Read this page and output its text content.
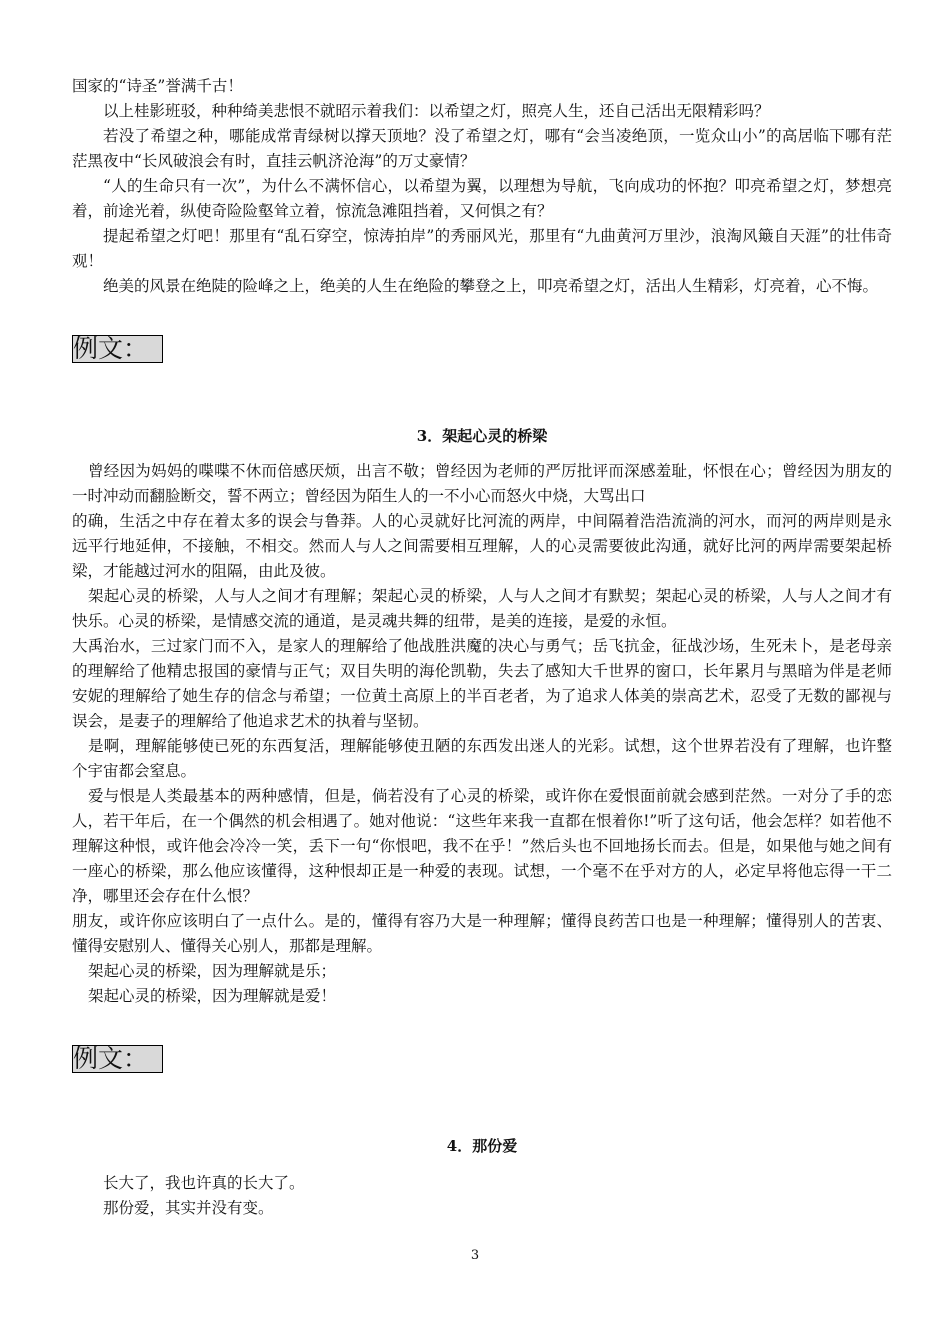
国家的“诗圣”誉满千古！

以上桂影班驳，种种绮美悲恨不就昭示着我们：以希望之灯，照亮人生，还自己活出无限精彩吗？

若没了希望之种，哪能成常青绿树以撑天顶地？没了希望之灯，哪有“会当凌绝顶，一览众山小”的高居临下哪有茫茫黑夜中“长风破浪会有时，直挂云帆济沧海”的万丈豪情？

“人的生命只有一次”，为什么不满怀信心，以希望为翼，以理想为导航，飞向成功的怀抱？叩亮希望之灯，梦想亮着，前途光着，纵使奇险险壑耸立着，惊流急滩阻挡着，又何惧之有？

提起希望之灯吧！那里有“乱石穿空，惊涛拍岸”的秀丽风光，那里有“九曲黄河万里沙，浪淘风簸自天涯”的壮伟奇观！

绝美的风景在绝陡的险峰之上，绝美的人生在绝险的攀登之上，叩亮希望之灯，活出人生精彩，灯亮着，心不悔。

例文：

3．架起心灵的桥梁

曾经因为妈妈的喋喋不休而倍感厌烦，出言不敬；曾经因为老师的严厉批评而深感羞耻，怀恨在心；曾经因为朋友的一时冲动而翻脸断交，誓不两立；曾经因为陌生人的一不小心而怒火中烧，大骂出口

的确，生活之中存在着太多的误会与鲁莽。人的心灵就好比河流的两岸，中间隔着浩浩流淌的河水，而河的两岸则是永远平行地延伸，不接触，不相交。然而人与人之间需要相互理解，人的心灵需要彼此沟通，就好比河的两岸需要架起桥梁，才能越过河水的阻隔，由此及彼。

架起心灵的桥梁，人与人之间才有理解；架起心灵的桥梁，人与人之间才有默契；架起心灵的桥梁，人与人之间才有快乐。心灵的桥梁，是情感交流的通道，是灵魂共舞的纽带，是美的连接，是爱的永恒。

大禹治水，三过家门而不入，是家人的理解给了他战胜洪魔的决心与勇气；岳飞抗金，征战沙场，生死未卜，是老母亲的理解给了他精忠报国的豪情与正气；双目失明的海伦凯勒，失去了感知大千世界的窗口，长年累月与黑暗为伴是老师安妮的理解给了她生存的信念与希望；一位黄土高原上的半百老者，为了追求人体美的崇高艺术，忍受了无数的鄙视与误会，是妻子的理解给了他追求艺术的执着与坚韧。

是啊，理解能够使已死的东西复活，理解能够使丑陋的东西发出迷人的光彩。试想，这个世界若没有了理解，也许整个宇宙都会窒息。

爱与恨是人类最基本的两种感情，但是，倘若没有了心灵的桥梁，或许你在爱恨面前就会感到茫然。一对分了手的恋人，若干年后，在一个偶然的机会相遇了。她对他说：“这些年来我一直都在恨着你!”听了这句话，他会怎样？如若他不理解这种恨，或许他会冷冷一笑，丢下一句“你恨吧，我不在乎！”然后头也不回地扬长而去。但是，如果他与她之间有一座心的桥梁，那么他应该懂得，这种恨却正是一种爱的表现。试想，一个毫不在乎对方的人，必定早将他忘得一干二净，哪里还会存在什么恨？

朋友，或许你应该明白了一点什么。是的，懂得有容乃大是一种理解；懂得良药苦口也是一种理解；懂得别人的苦衷、懂得安慰别人、懂得关心别人，那都是理解。

架起心灵的桥梁，因为理解就是乐；

架起心灵的桥梁，因为理解就是爱！

例文：

4．那份爱

长大了，我也许真的长大了。

那份爱，其实并没有变。

3
